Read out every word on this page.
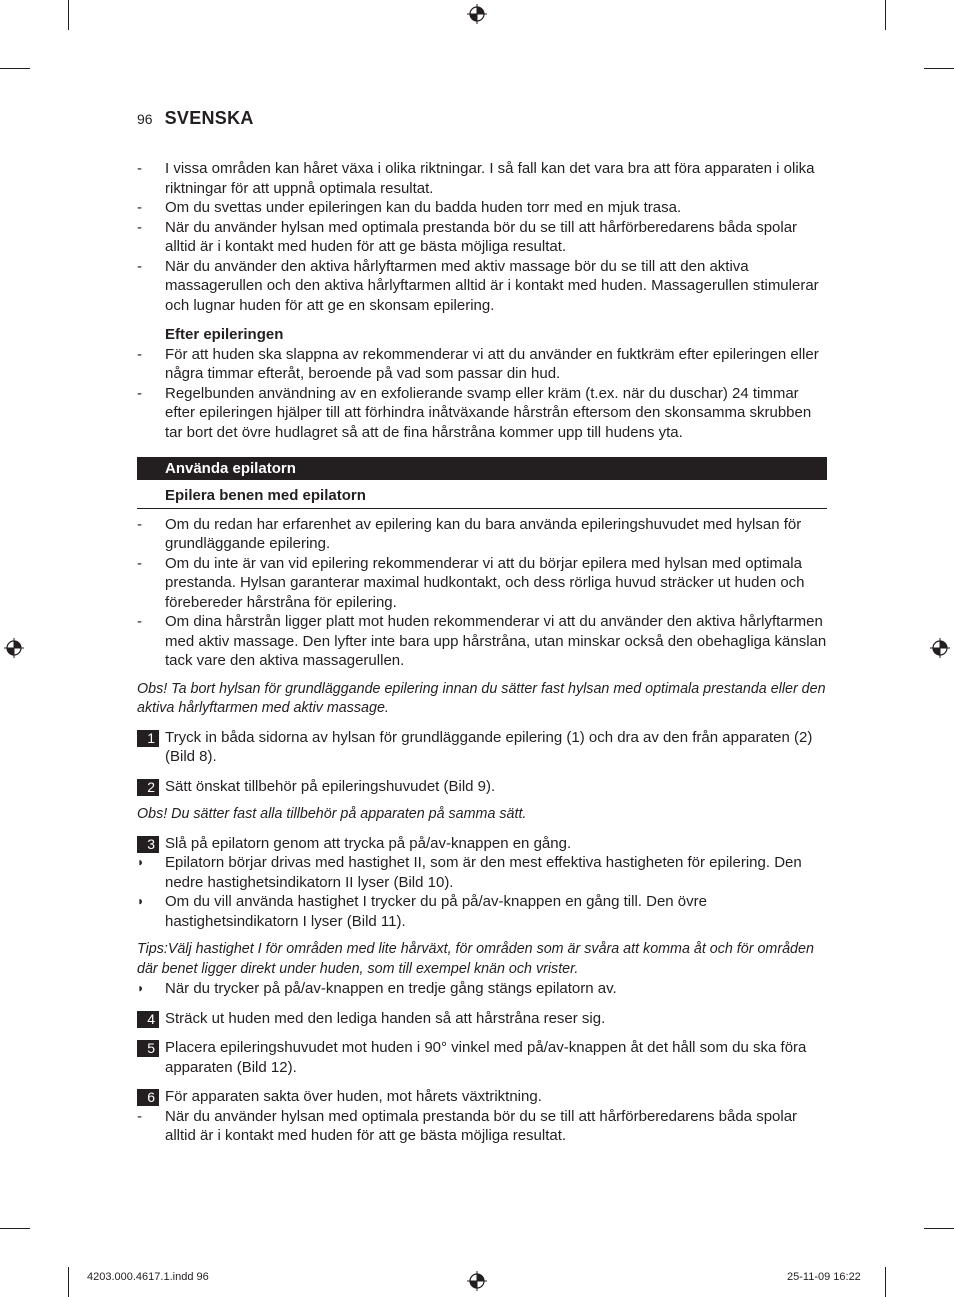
96 SVENSKA
- I vissa områden kan håret växa i olika riktningar. I så fall kan det vara bra att föra apparaten i olika riktningar för att uppnå optimala resultat.
- Om du svettas under epileringen kan du badda huden torr med en mjuk trasa.
- När du använder hylsan med optimala prestanda bör du se till att hårförberedarens båda spolar alltid är i kontakt med huden för att ge bästa möjliga resultat.
- När du använder den aktiva hårlyftarmen med aktiv massage bör du se till att den aktiva massagerullen och den aktiva hårlyftarmen alltid är i kontakt med huden. Massagerullen stimulerar och lugnar huden för att ge en skonsam epilering.
Efter epileringen
- För att huden ska slappna av rekommenderar vi att du använder en fuktkräm efter epileringen eller några timmar efteråt, beroende på vad som passar din hud.
- Regelbunden användning av en exfolierande svamp eller kräm (t.ex. när du duschar) 24 timmar efter epileringen hjälper till att förhindra inåtväxande hårstrån eftersom den skonsamma skrubben tar bort det övre hudlagret så att de fina hårstråna kommer upp till hudens yta.
Använda epilatorn
Epilera benen med epilatorn
- Om du redan har erfarenhet av epilering kan du bara använda epileringshuvudet med hylsan för grundläggande epilering.
- Om du inte är van vid epilering rekommenderar vi att du börjar epilera med hylsan med optimala prestanda. Hylsan garanterar maximal hudkontakt, och dess rörliga huvud sträcker ut huden och förebereder hårstråna för epilering.
- Om dina hårstrån ligger platt mot huden rekommenderar vi att du använder den aktiva hårlyftarmen med aktiv massage. Den lyfter inte bara upp hårstråna, utan minskar också den obehagliga känslan tack vare den aktiva massagerullen.
Obs! Ta bort hylsan för grundläggande epilering innan du sätter fast hylsan med optimala prestanda eller den aktiva hårlyftarmen med aktiv massage.
1 Tryck in båda sidorna av hylsan för grundläggande epilering (1) och dra av den från apparaten (2) (Bild 8).
2 Sätt önskat tillbehör på epileringshuvudet (Bild 9).
Obs! Du sätter fast alla tillbehör på apparaten på samma sätt.
3 Slå på epilatorn genom att trycka på på/av-knappen en gång.
◗ Epilatorn börjar drivas med hastighet II, som är den mest effektiva hastigheten för epilering. Den nedre hastighetsindikatorn II lyser (Bild 10).
◗ Om du vill använda hastighet I trycker du på på/av-knappen en gång till. Den övre hastighetsindikatorn I lyser (Bild 11).
Tips:Välj hastighet I för områden med lite hårväxt, för områden som är svåra att komma åt och för områden där benet ligger direkt under huden, som till exempel knän och vrister.
◗ När du trycker på på/av-knappen en tredje gång stängs epilatorn av.
4 Sträck ut huden med den lediga handen så att hårstråna reser sig.
5 Placera epileringshuvudet mot huden i 90° vinkel med på/av-knappen åt det håll som du ska föra apparaten (Bild 12).
6 För apparaten sakta över huden, mot hårets växtriktning.
- När du använder hylsan med optimala prestanda bör du se till att hårförberedarens båda spolar alltid är i kontakt med huden för att ge bästa möjliga resultat.
4203.000.4617.1.indd 96	25-11-09 16:22
